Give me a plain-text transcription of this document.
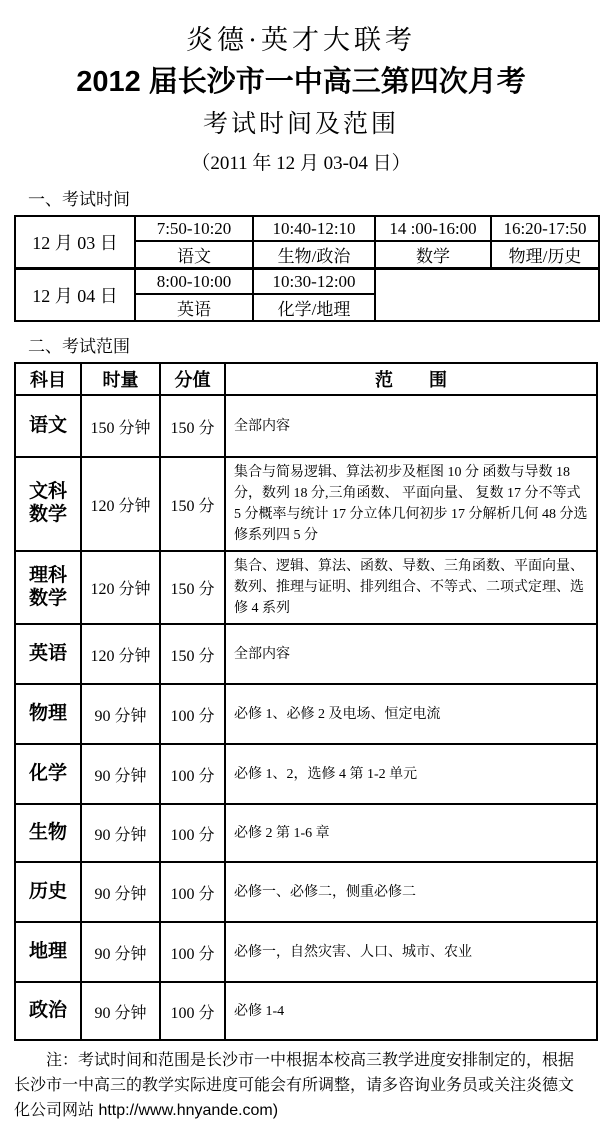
炎德·英才大联考
2012 届长沙市一中高三第四次月考
考试时间及范围
（2011 年 12 月 03-04 日）
一、考试时间
12 月 03 日	7:50-10:20	10:40-12:10	14 :00-16:00	16:20-17:50
	语文	生物/政治	数学	物理/历史
12 月 04 日	8:00-10:00	10:30-12:00		
	英语	化学/地理		
二、考试范围
科目	时量	分值	范　　围
语文	150 分钟	150 分	全部内容
文科数学	120 分钟	150 分	集合与简易逻辑、算法初步及框图 10 分 函数与导数 18 分，数列 18 分,三角函数、 平面向量、 复数 17 分不等式 5 分概率与统计 17 分立体几何初步 17 分解析几何 48 分选修系列四 5 分
理科数学	120 分钟	150 分	集合、逻辑、算法、函数、导数、三角函数、平面向量、数列、推理与证明、排列组合、不等式、二项式定理、选修 4 系列
英语	120 分钟	150 分	全部内容
物理	90 分钟	100 分	必修 1、必修 2 及电场、恒定电流
化学	90 分钟	100 分	必修 1、2，选修 4 第 1-2 单元
生物	90 分钟	100 分	必修 2 第 1-6 章
历史	90 分钟	100 分	必修一、必修二，侧重必修二
地理	90 分钟	100 分	必修一，自然灾害、人口、城市、农业
政治	90 分钟	100 分	必修 1-4
注：考试时间和范围是长沙市一中根据本校高三教学进度安排制定的，根据长沙市一中高三的教学实际进度可能会有所调整，请多咨询业务员或关注炎德文化公司网站 http://www.hnyande.com)
